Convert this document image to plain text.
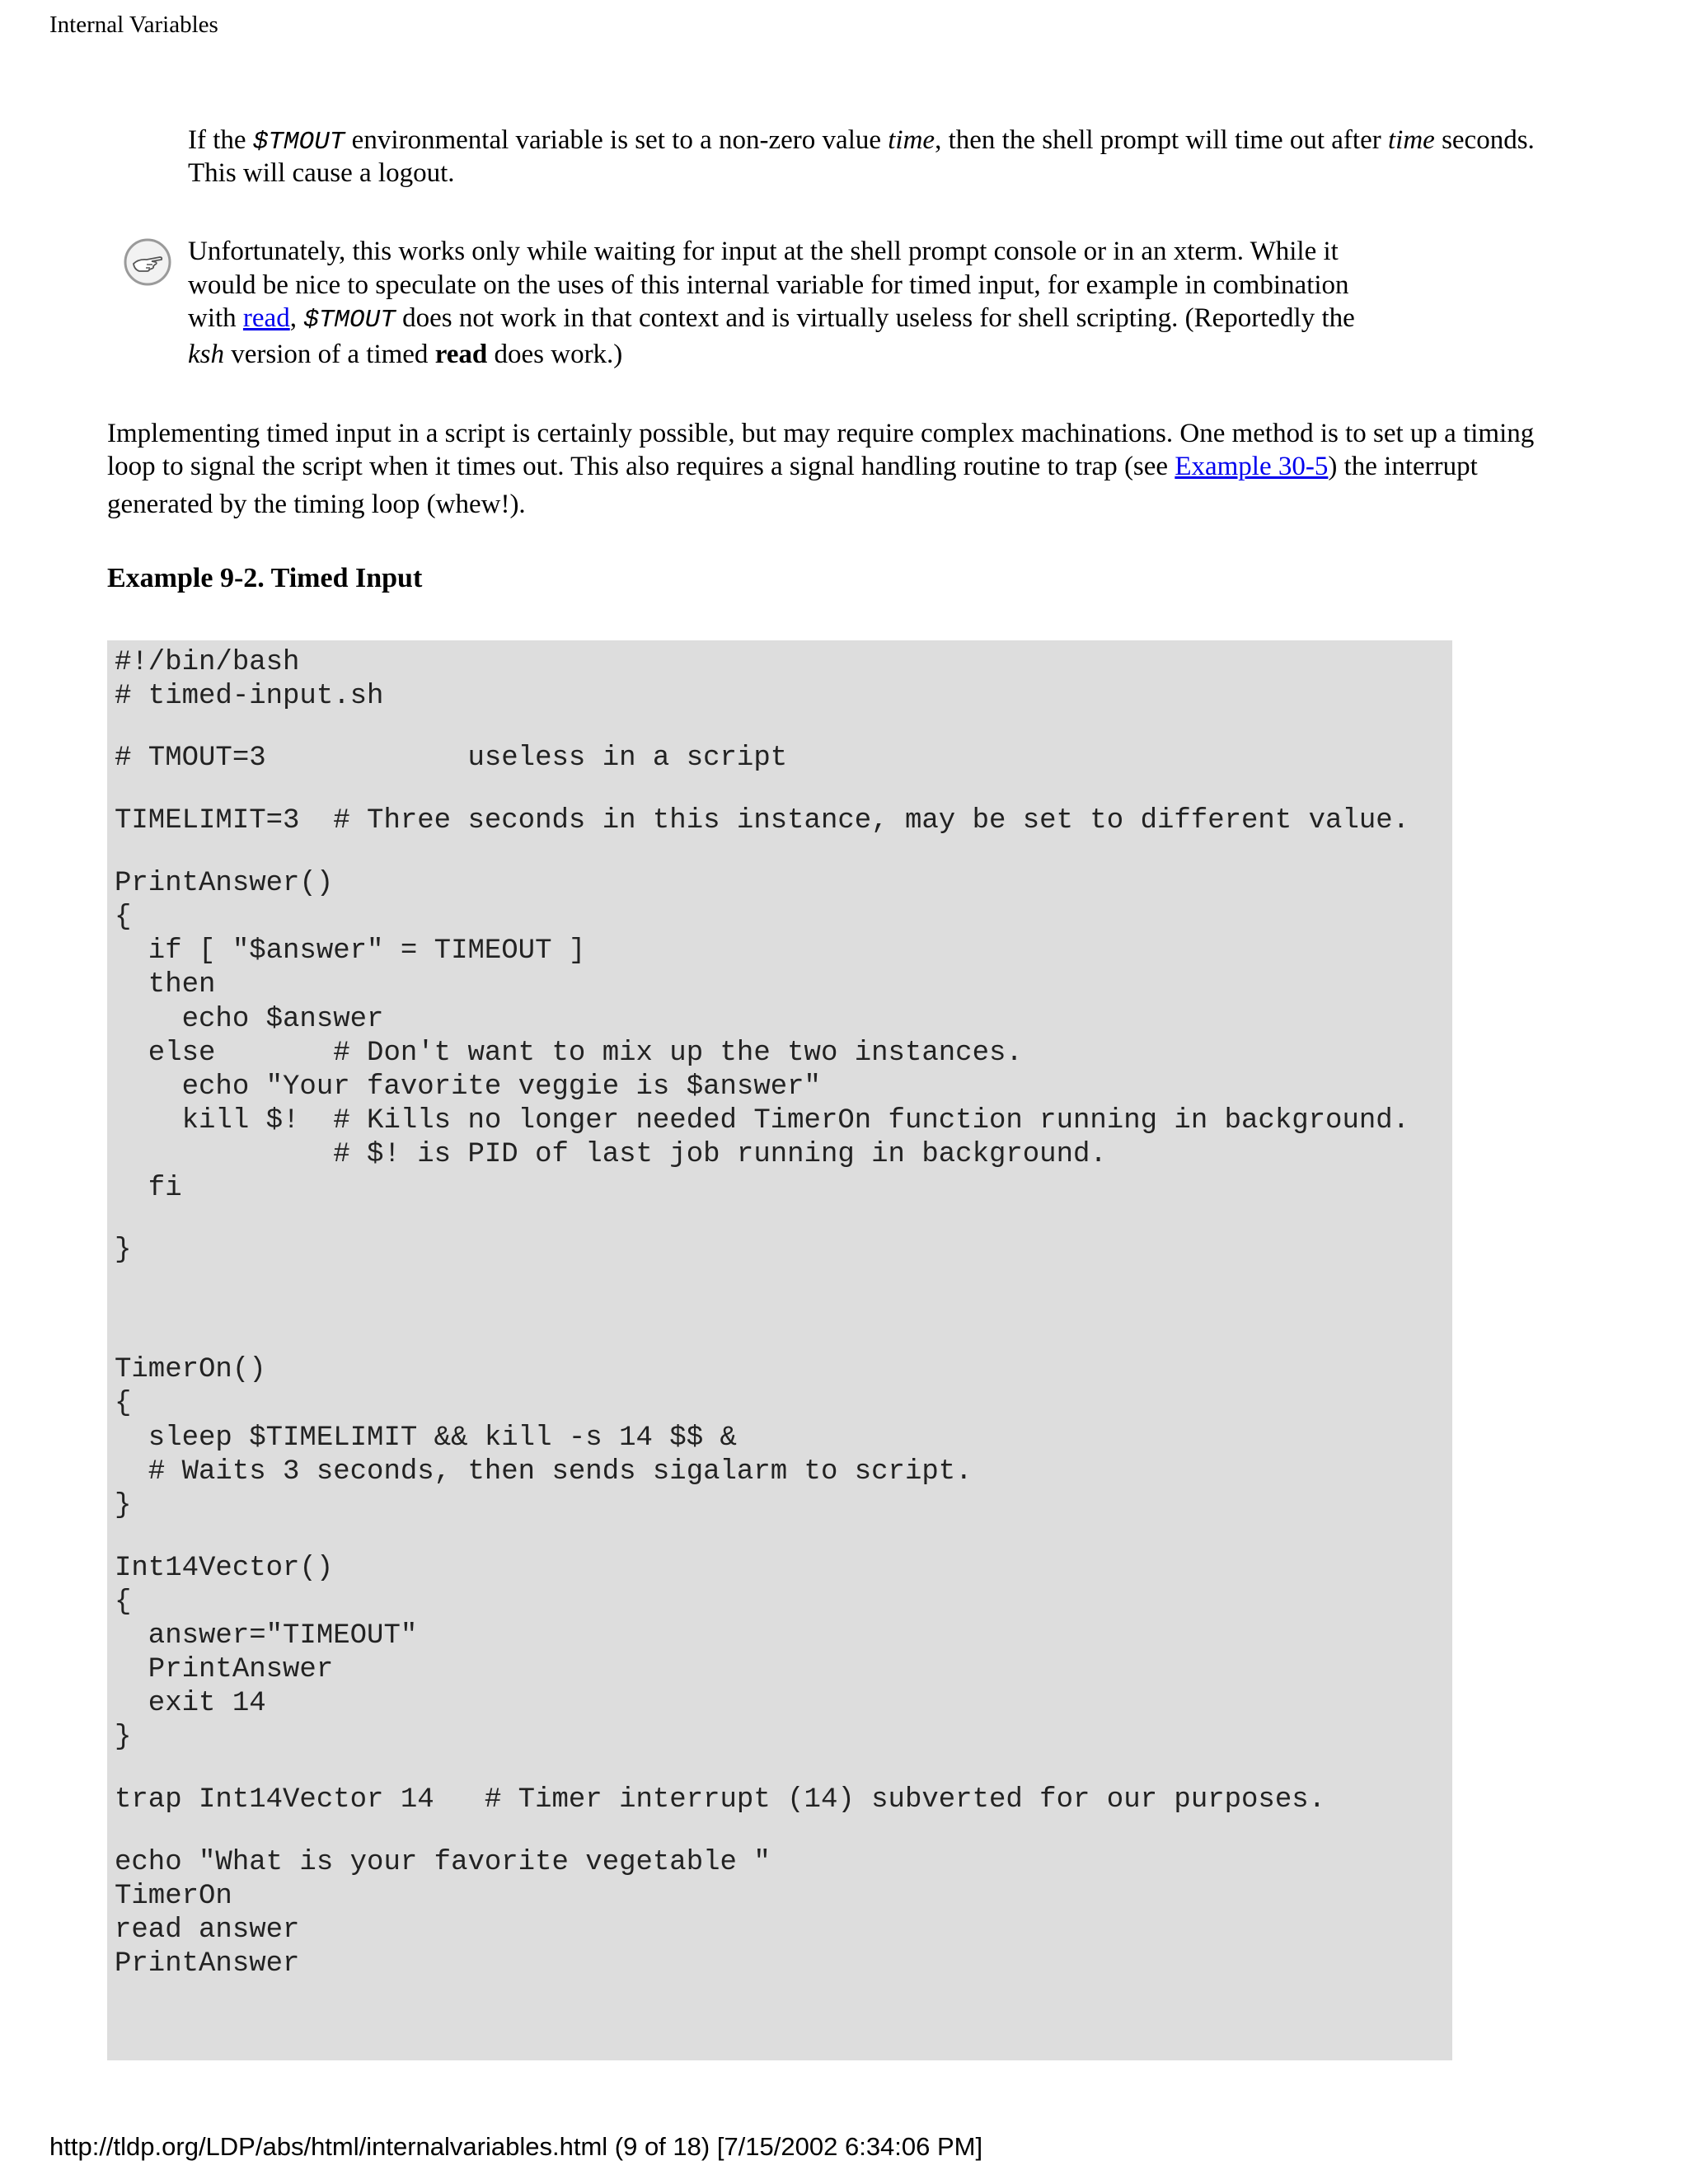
Internal Variables
If the $TMOUT environmental variable is set to a non-zero value time, then the shell prompt will time out after time seconds.
This will cause a logout.
Unfortunately, this works only while waiting for input at the shell prompt console or in an xterm. While it
would be nice to speculate on the uses of this internal variable for timed input, for example in combination
with read, $TMOUT does not work in that context and is virtually useless for shell scripting. (Reportedly the
ksh version of a timed read does work.)
Implementing timed input in a script is certainly possible, but may require complex machinations. One method is to set up a timing
loop to signal the script when it times out. This also requires a signal handling routine to trap (see Example 30-5) the interrupt
generated by the timing loop (whew!).
Example 9-2. Timed Input
#!/bin/bash
# timed-input.sh
# TMOUT=3            useless in a script
TIMELIMIT=3  # Three seconds in this instance, may be set to different value.
PrintAnswer()
{
if [ "$answer" = TIMEOUT ]
then
echo $answer
else       # Don't want to mix up the two instances.
echo "Your favorite veggie is $answer"
kill $!  # Kills no longer needed TimerOn function running in background.
# $! is PID of last job running in background.
fi
}
TimerOn()
{
sleep $TIMELIMIT && kill -s 14 $$ &
# Waits 3 seconds, then sends sigalarm to script.
}
Int14Vector()
{
answer="TIMEOUT"
PrintAnswer
exit 14
}
trap Int14Vector 14   # Timer interrupt (14) subverted for our purposes.
echo "What is your favorite vegetable "
TimerOn
read answer
PrintAnswer
http://tldp.org/LDP/abs/html/internalvariables.html (9 of 18) [7/15/2002 6:34:06 PM]
